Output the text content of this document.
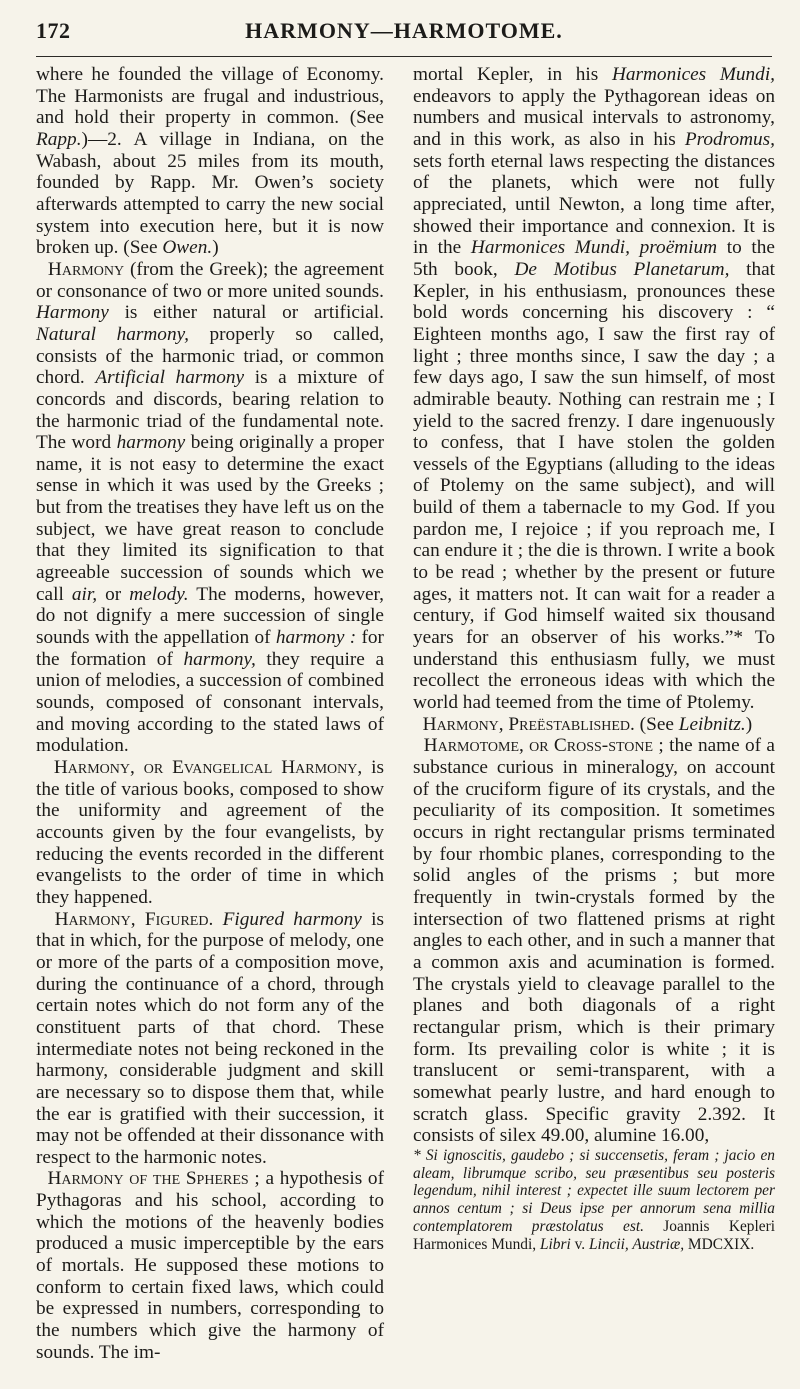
172	HARMONY—HARMOTOME.

where he founded the village of Economy. The Harmonists are frugal and industrious, and hold their property in common. (See Rapp.)—2. A village in Indiana, on the Wabash, about 25 miles from its mouth, founded by Rapp. Mr. Owen’s society afterwards attempted to carry the new social system into execution here, but it is now broken up. (See Owen.)

Harmony (from the Greek); the agreement or consonance of two or more united sounds. Harmony is either natural or artificial. Natural harmony, properly so called, consists of the harmonic triad, or common chord. Artificial harmony is a mixture of concords and discords, bearing relation to the harmonic triad of the fundamental note. The word harmony being originally a proper name, it is not easy to determine the exact sense in which it was used by the Greeks ; but from the treatises they have left us on the subject, we have great reason to conclude that they limited its signification to that agreeable succession of sounds which we call air, or melody. The moderns, however, do not dignify a mere succession of single sounds with the appellation of harmony : for the formation of harmony, they require a union of melodies, a succession of combined sounds, composed of consonant intervals, and moving according to the stated laws of modulation.

Harmony, or Evangelical Harmony, is the title of various books, composed to show the uniformity and agreement of the accounts given by the four evangelists, by reducing the events recorded in the different evangelists to the order of time in which they happened.

Harmony, Figured. Figured harmony is that in which, for the purpose of melody, one or more of the parts of a composition move, during the continuance of a chord, through certain notes which do not form any of the constituent parts of that chord. These intermediate notes not being reckoned in the harmony, considerable judgment and skill are necessary so to dispose them that, while the ear is gratified with their succession, it may not be offended at their dissonance with respect to the harmonic notes.

Harmony of the Spheres ; a hypothesis of Pythagoras and his school, according to which the motions of the heavenly bodies produced a music imperceptible by the ears of mortals. He supposed these motions to conform to certain fixed laws, which could be expressed in numbers, corresponding to the numbers which give the harmony of sounds. The im-

mortal Kepler, in his Harmonices Mundi, endeavors to apply the Pythagorean ideas on numbers and musical intervals to astronomy, and in this work, as also in his Prodromus, sets forth eternal laws respecting the distances of the planets, which were not fully appreciated, until Newton, a long time after, showed their importance and connexion. It is in the Harmonices Mundi, proëmium to the 5th book, De Motibus Planetarum, that Kepler, in his enthusiasm, pronounces these bold words concerning his discovery : “ Eighteen months ago, I saw the first ray of light ; three months since, I saw the day ; a few days ago, I saw the sun himself, of most admirable beauty. Nothing can restrain me ; I yield to the sacred frenzy. I dare ingenuously to confess, that I have stolen the golden vessels of the Egyptians (alluding to the ideas of Ptolemy on the same subject), and will build of them a tabernacle to my God. If you pardon me, I rejoice ; if you reproach me, I can endure it ; the die is thrown. I write a book to be read ; whether by the present or future ages, it matters not. It can wait for a reader a century, if God himself waited six thousand years for an observer of his works.”* To understand this enthusiasm fully, we must recollect the erroneous ideas with which the world had teemed from the time of Ptolemy.

Harmony, Preëstablished. (See Leibnitz.)

Harmotome, or Cross-stone ; the name of a substance curious in mineralogy, on account of the cruciform figure of its crystals, and the peculiarity of its composition. It sometimes occurs in right rectangular prisms terminated by four rhombic planes, corresponding to the solid angles of the prisms ; but more frequently in twin-crystals formed by the intersection of two flattened prisms at right angles to each other, and in such a manner that a common axis and acumination is formed. The crystals yield to cleavage parallel to the planes and both diagonals of a right rectangular prism, which is their primary form. Its prevailing color is white ; it is translucent or semi-transparent, with a somewhat pearly lustre, and hard enough to scratch glass. Specific gravity 2.392. It consists of silex 49.00, alumine 16.00,

* Si ignoscitis, gaudebo ; si succensetis, feram ; jacio en aleam, librumque scribo, seu præsentibus seu posteris legendum, nihil interest ; expectet ille suum lectorem per annos centum ; si Deus ipse per annorum sena millia contemplatorem præstolatus est. Joannis Kepleri Harmonices Mundi, Libri v. Lincii, Austriæ, MDCXIX.
